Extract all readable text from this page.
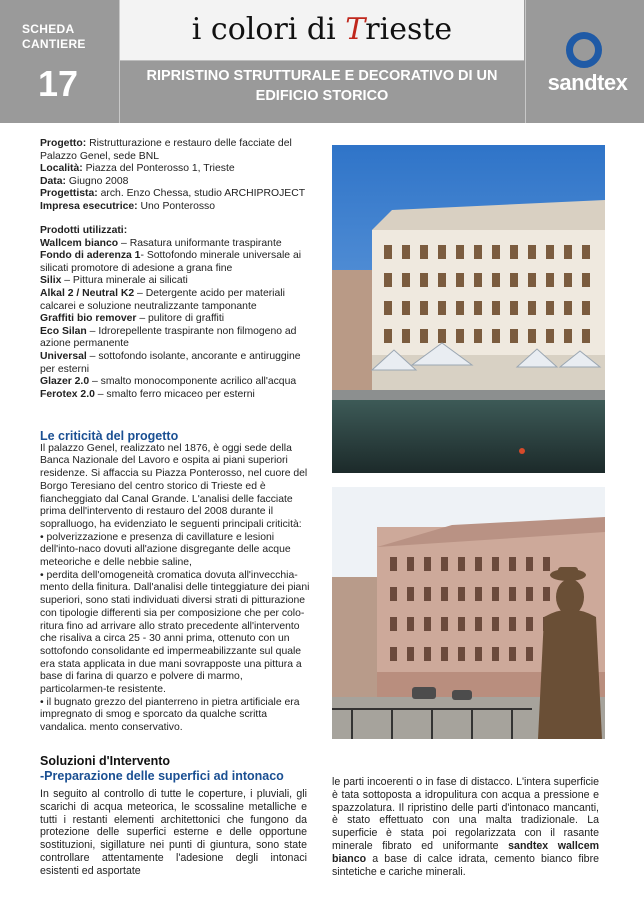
SCHEDA
CANTIERE
17
i colori di Trieste
RIPRISTINO STRUTTURALE E DECORATIVO DI UN
EDIFICIO STORICO
sandtex
Progetto: Ristrutturazione e restauro delle facciate del Palazzo Genel, sede BNL
Località: Piazza del Ponterosso 1, Trieste
Data: Giugno 2008
Progettista: arch. Enzo Chessa, studio ARCHIPROJECT
Impresa esecutrice: Uno Ponterosso
Prodotti utilizzati:
Wallcem bianco – Rasatura uniformante traspirante
Fondo di aderenza 1- Sottofondo minerale universale ai silicati promotore di adesione a grana fine
Silix – Pittura minerale ai silicati
Alkal 2 / Neutral K2 – Detergente acido per materiali calcarei e soluzione neutralizzante tamponante
Graffiti bio remover – pulitore di graffiti
Eco Silan – Idrorepellente traspirante non filmogeno ad azione permanente
Universal – sottofondo isolante, ancorante e antiruggine per esterni
Glazer 2.0 – smalto monocomponente acrilico all'acqua
Ferotex 2.0 – smalto ferro micaceo per esterni
Le criticità del progetto

Il palazzo Genel, realizzato nel 1876, è oggi sede della Banca Nazionale del Lavoro e ospita ai piani superiori residenze. Si affaccia su Piazza Ponterosso, nel cuore del Borgo Teresiano del centro storico di Trieste ed è fiancheggiato dal Canal Grande. L'analisi delle facciate prima dell'intervento di restauro del 2008 durante il sopralluogo, ha evidenziato le seguenti principali criticità:

• polverizzazione e presenza di cavillature e lesioni dell'into-naco dovuti all'azione disgregante delle acque meteoriche e delle nebbie saline,

• perdita dell'omogeneità cromatica dovuta all'invecchia-mento della finitura. Dall'analisi delle tinteggiature dei piani superiori, sono stati individuati diversi strati di pitturazione con tipologie differenti sia per composizione che per colo-ritura fino ad arrivare allo strato precedente all'intervento che risaliva a circa 25 - 30 anni prima, ottenuto con un sottofondo consolidante ed impermeabilizzante sul quale era stata applicata in due mani sovrapposte una pittura a base di farina di quarzo e polvere di marmo, particolarmen-te resistente.

• il bugnato grezzo del pianterreno in pietra artificiale era impregnato di smog e sporcato da qualche scritta vandalica. mento conservativo.

Soluzioni d'Intervento
-Preparazione delle superfici ad intonaco
In seguito al controllo di tutte le coperture, i pluviali, gli scarichi di acqua meteorica, le scossaline metalliche e tutti i restanti elementi architettonici che fungono da protezione delle superfici esterne e delle opportune sostituzioni, sigillature nei punti di giuntura, sono state controllare attentamente l'adesione degli intonaci esistenti ed asportate
le parti incoerenti o in fase di distacco. L'intera superficie è tata sottoposta a idropulitura con acqua a pressione e spazzolatura. Il ripristino delle parti d'intonaco mancanti, è stato effettuato con una malta tradizionale. La superficie è stata poi regolarizzata con il rasante minerale fibrato ed uniformante sandtex wallcem bianco a base di calce idrata, cemento bianco fibre sintetiche e cariche minerali.
